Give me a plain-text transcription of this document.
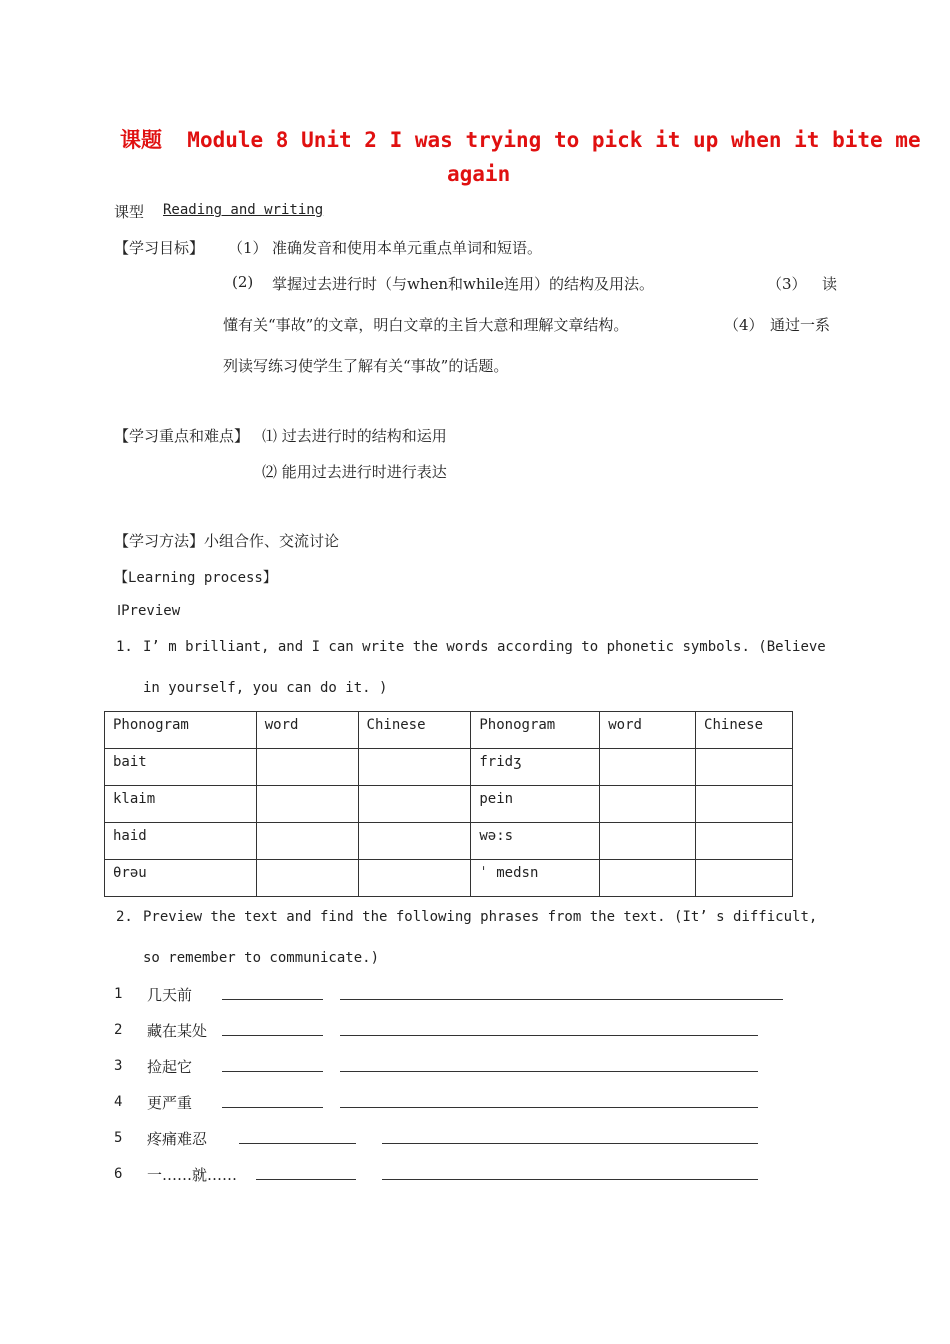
课题 Module 8 Unit 2 I was trying to pick it up when it bite me
again
课型 Reading and writing
【学习目标】 （1） 准确发音和使用本单元重点单词和短语。
(2) 掌握过去进行时（与when和while连用）的结构及用法。	（3） 读
懂有关“事故”的文章，明白文章的主旨大意和理解文章结构。	（4） 通过一系
列读写练习使学生了解有关“事故”的话题。
【学习重点和难点】 ⑴ 过去进行时的结构和运用
⑵ 能用过去进行时进行表达
【学习方法】小组合作、交流讨论
【Learning process】
ⅠPreview
1. I’ m brilliant, and I can write the words according to phonetic symbols. (Believe
in yourself, you can do it. )
Phonogram	word	Chinese	Phonogram	word	Chinese
bait			fridʒ		
klaim			pein		
haid			wə:s		
θrəu			ˈ medsn		
2. Preview the text and find the following phrases from the text. (It’ s difficult,
so remember to communicate.)
1 几天前
2 藏在某处
3 捡起它
4 更严重
5 疼痛难忍
6 一……就……
